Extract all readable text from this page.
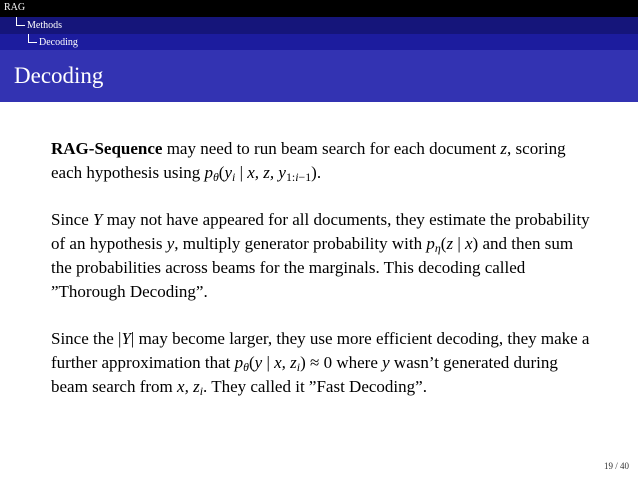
RAG
Methods
Decoding
Decoding

RAG-Sequence may need to run beam search for each document z, scoring each hypothesis using $p_\theta(y_i$ | x, z, $y_{1:i-1}$).

Since Y may not have appeared for all documents, they estimate the probability of an hypothesis y, multiply generator probability with $p_\eta(z$ | x) and then sum the probabilities across beams for the marginals. This decoding called ”Thorough Decoding”.

Since the |Y| may become larger, they use more efficient decoding, they make a further approximation that $p_\theta(y$ | x, $z_i) \approx 0$ where y wasn’t generated during beam search from x, $z_i$. They called it ”Fast Decoding”.

19 / 40
